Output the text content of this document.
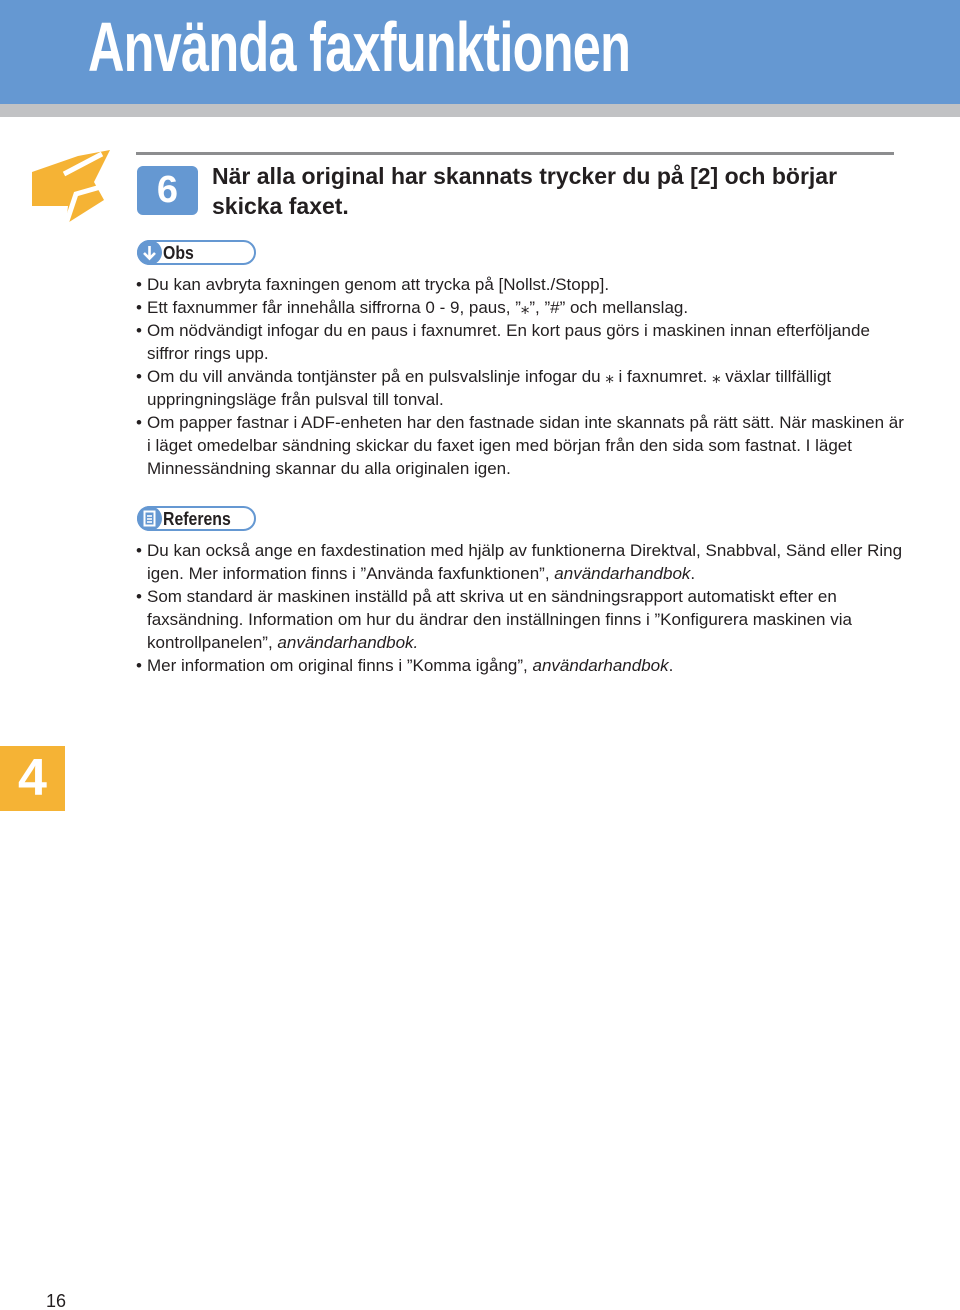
Använda faxfunktionen
6	När alla original har skannats trycker du på [2] och börjar skicka faxet.
Obs
• Du kan avbryta faxningen genom att trycka på [Nollst./Stopp].
• Ett faxnummer får innehålla siffrorna 0 - 9, paus, ”⁎”, ”#” och mellanslag.
• Om nödvändigt infogar du en paus i faxnumret. En kort paus görs i maskinen innan efterföljande siffror rings upp.
• Om du vill använda tontjänster på en pulsvalslinje infogar du ⁎ i faxnumret. ⁎ växlar tillfälligt uppringningsläge från pulsval till tonval.
• Om papper fastnar i ADF-enheten har den fastnade sidan inte skannats på rätt sätt. När maskinen är i läget omedelbar sändning skickar du faxet igen med början från den sida som fastnat. I läget Minnessändning skannar du alla originalen igen.
Referens
• Du kan också ange en faxdestination med hjälp av funktionerna Direktval, Snabbval, Sänd eller Ring igen. Mer information finns i ”Använda faxfunktionen”, användarhandbok.
• Som standard är maskinen inställd på att skriva ut en sändningsrapport automatiskt efter en faxsändning. Information om hur du ändrar den inställningen finns i ”Konfigurera maskinen via kontrollpanelen”, användarhandbok.
• Mer information om original finns i ”Komma igång”, användarhandbok.
4
16
